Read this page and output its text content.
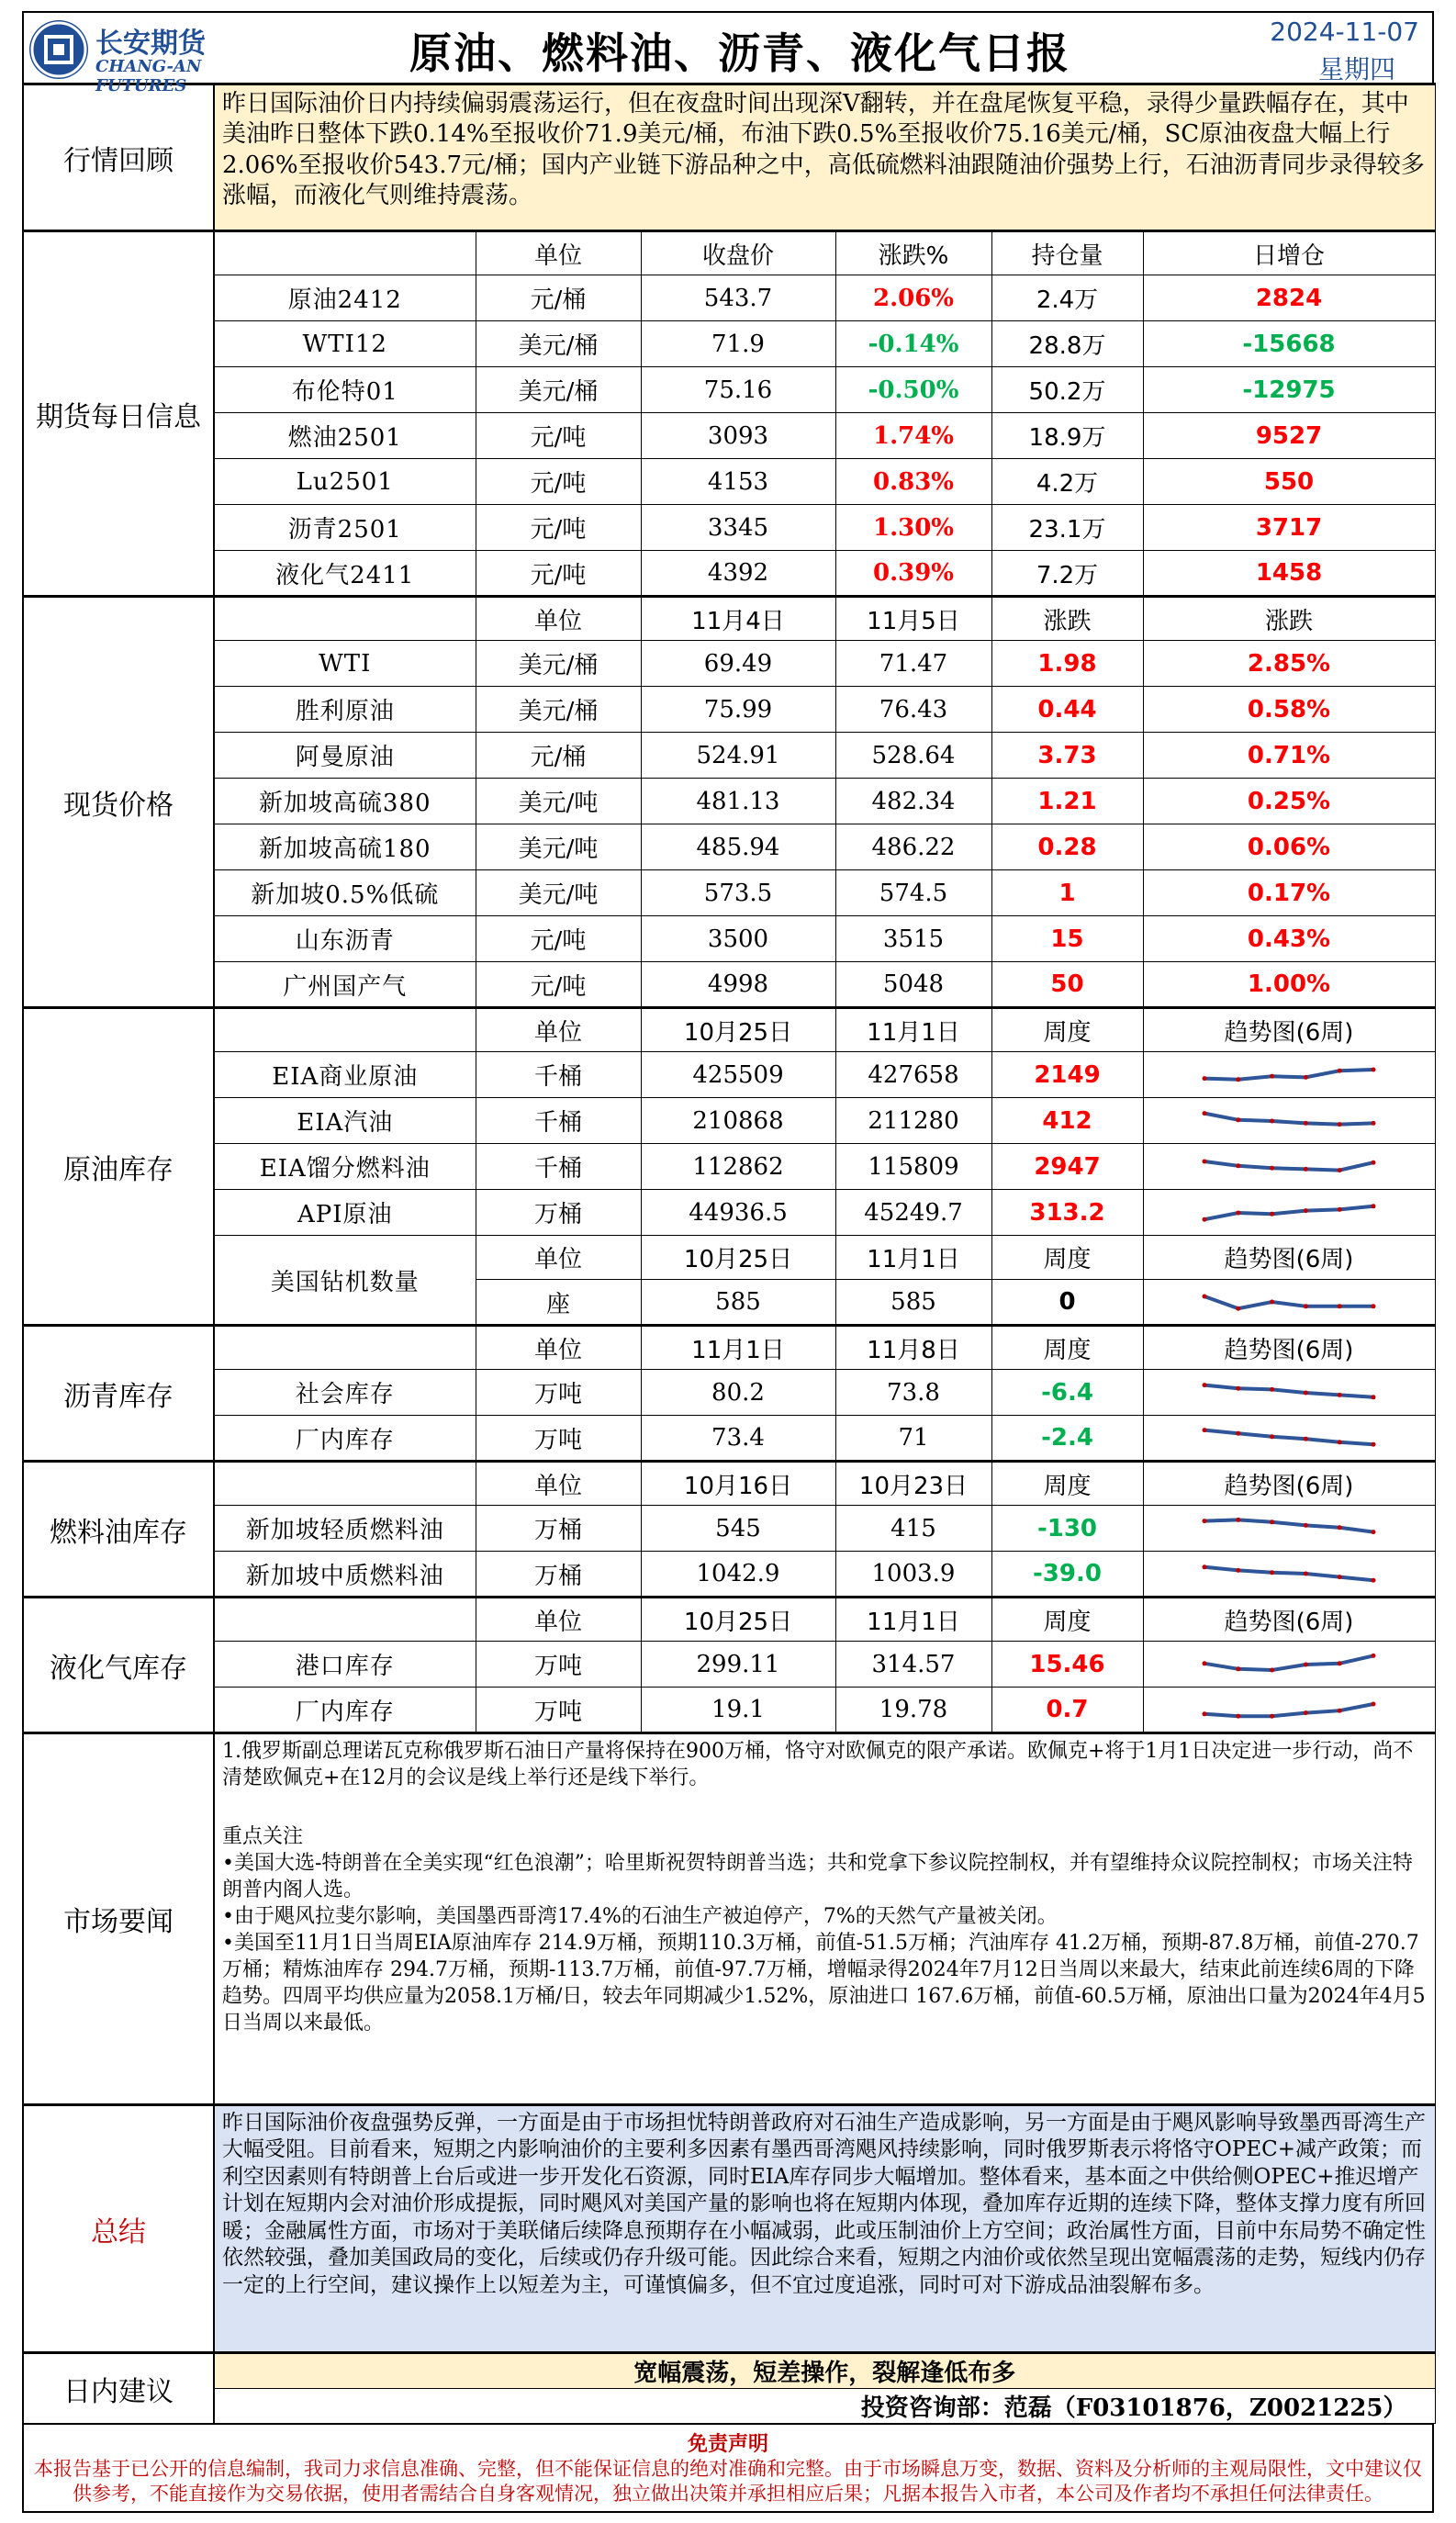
长安期货
CHANG-AN FUTURES
原油、燃料油、沥青、液化气日报	2024-11-07
星期四
行情回顾	昨日国际油价日内持续偏弱震荡运行，但在夜盘时间出现深V翻转，并在盘尾恢复平稳，录得少量跌幅存在，其中美油昨日整体下跌0.14%至报收价71.9美元/桶，布油下跌0.5%至报收价75.16美元/桶，SC原油夜盘大幅上行2.06%至报收价543.7元/桶；国内产业链下游品种之中，高低硫燃料油跟随油价强势上行，石油沥青同步录得较多涨幅，而液化气则维持震荡。					
期货每日信息		单位	收盘价	涨跌%	持仓量	日增仓
	原油2412	元/桶	543.7	2.06%	2.4万	2824
	WTI12	美元/桶	71.9	-0.14%	28.8万	-15668
	布伦特01	美元/桶	75.16	-0.50%	50.2万	-12975
	燃油2501	元/吨	3093	1.74%	18.9万	9527
	Lu2501	元/吨	4153	0.83%	4.2万	550
	沥青2501	元/吨	3345	1.30%	23.1万	3717
	液化气2411	元/吨	4392	0.39%	7.2万	1458
现货价格		单位	11月4日	11月5日	涨跌	涨跌
	WTI	美元/桶	69.49	71.47	1.98	2.85%
	胜利原油	美元/桶	75.99	76.43	0.44	0.58%
	阿曼原油	元/桶	524.91	528.64	3.73	0.71%
	新加坡高硫380	美元/吨	481.13	482.34	1.21	0.25%
	新加坡高硫180	美元/吨	485.94	486.22	0.28	0.06%
	新加坡0.5%低硫	美元/吨	573.5	574.5	1	0.17%
	山东沥青	元/吨	3500	3515	15	0.43%
	广州国产气	元/吨	4998	5048	50	1.00%
原油库存		单位	10月25日	11月1日	周度	趋势图(6周)
	EIA商业原油	千桶	425509	427658	2149	

	EIA汽油	千桶	210868	211280	412	

	EIA馏分燃料油	千桶	112862	115809	2947	

	API原油	万桶	44936.5	45249.7	313.2	

	美国钻机数量	单位	10月25日	11月1日	周度	趋势图(6周)
		座	585	585	0	

沥青库存		单位	11月1日	11月8日	周度	趋势图(6周)
	社会库存	万吨	80.2	73.8	-6.4	

	厂内库存	万吨	73.4	71	-2.4	

燃料油库存		单位	10月16日	10月23日	周度	趋势图(6周)
	新加坡轻质燃料油	万桶	545	415	-130	

	新加坡中质燃料油	万桶	1042.9	1003.9	-39.0	

液化气库存		单位	10月25日	11月1日	周度	趋势图(6周)
	港口库存	万吨	299.11	314.57	15.46	

	厂内库存	万吨	19.1	19.78	0.7	

市场要闻	1.俄罗斯副总理诺瓦克称俄罗斯石油日产量将保持在900万桶，恪守对欧佩克的限产承诺。欧佩克+将于1月1日决定进一步行动，尚不清楚欧佩克+在12月的会议是线上举行还是线下举行。

重点关注

•美国大选-特朗普在全美实现“红色浪潮”；哈里斯祝贺特朗普当选；共和党拿下参议院控制权，并有望维持众议院控制权；市场关注特朗普内阁人选。

•由于飓风拉斐尔影响，美国墨西哥湾17.4%的石油生产被迫停产，7%的天然气产量被关闭。

•美国至11月1日当周EIA原油库存 214.9万桶，预期110.3万桶，前值-51.5万桶；汽油库存 41.2万桶，预期-87.8万桶，前值-270.7万桶；精炼油库存 294.7万桶，预期-113.7万桶，前值-97.7万桶，增幅录得2024年7月12日当周以来最大，结束此前连续6周的下降趋势。四周平均供应量为2058.1万桶/日，较去年同期减少1.52%，原油进口 167.6万桶，前值-60.5万桶，原油出口量为2024年4月5日当周以来最低。					

总结	昨日国际油价夜盘强势反弹，一方面是由于市场担忧特朗普政府对石油生产造成影响，另一方面是由于飓风影响导致墨西哥湾生产大幅受阻。目前看来，短期之内影响油价的主要利多因素有墨西哥湾飓风持续影响，同时俄罗斯表示将恪守OPEC+减产政策；而利空因素则有特朗普上台后或进一步开发化石资源，同时EIA库存同步大幅增加。整体看来，基本面之中供给侧OPEC+推迟增产计划在短期内会对油价形成提振，同时飓风对美国产量的影响也将在短期内体现，叠加库存近期的连续下降，整体支撑力度有所回暖；金融属性方面，市场对于美联储后续降息预期存在小幅减弱，此或压制油价上方空间；政治属性方面，目前中东局势不确定性依然较强，叠加美国政局的变化，后续或仍存升级可能。因此综合来看，短期之内油价或依然呈现出宽幅震荡的走势，短线内仍存一定的上行空间，建议操作上以短差为主，可谨慎偏多，但不宜过度追涨，同时可对下游成品油裂解布多。					
日内建议	宽幅震荡，短差操作，裂解逢低布多					
	投资咨询部：范磊（F03101876，Z0021225）					
免责声明
本报告基于已公开的信息编制，我司力求信息准确、完整，但不能保证信息的绝对准确和完整。由于市场瞬息万变，数据、资料及分析师的主观局限性，文中建议仅供参考，不能直接作为交易依据，使用者需结合自身客观情况，独立做出决策并承担相应后果；凡据本报告入市者，本公司及作者均不承担任何法律责任。
